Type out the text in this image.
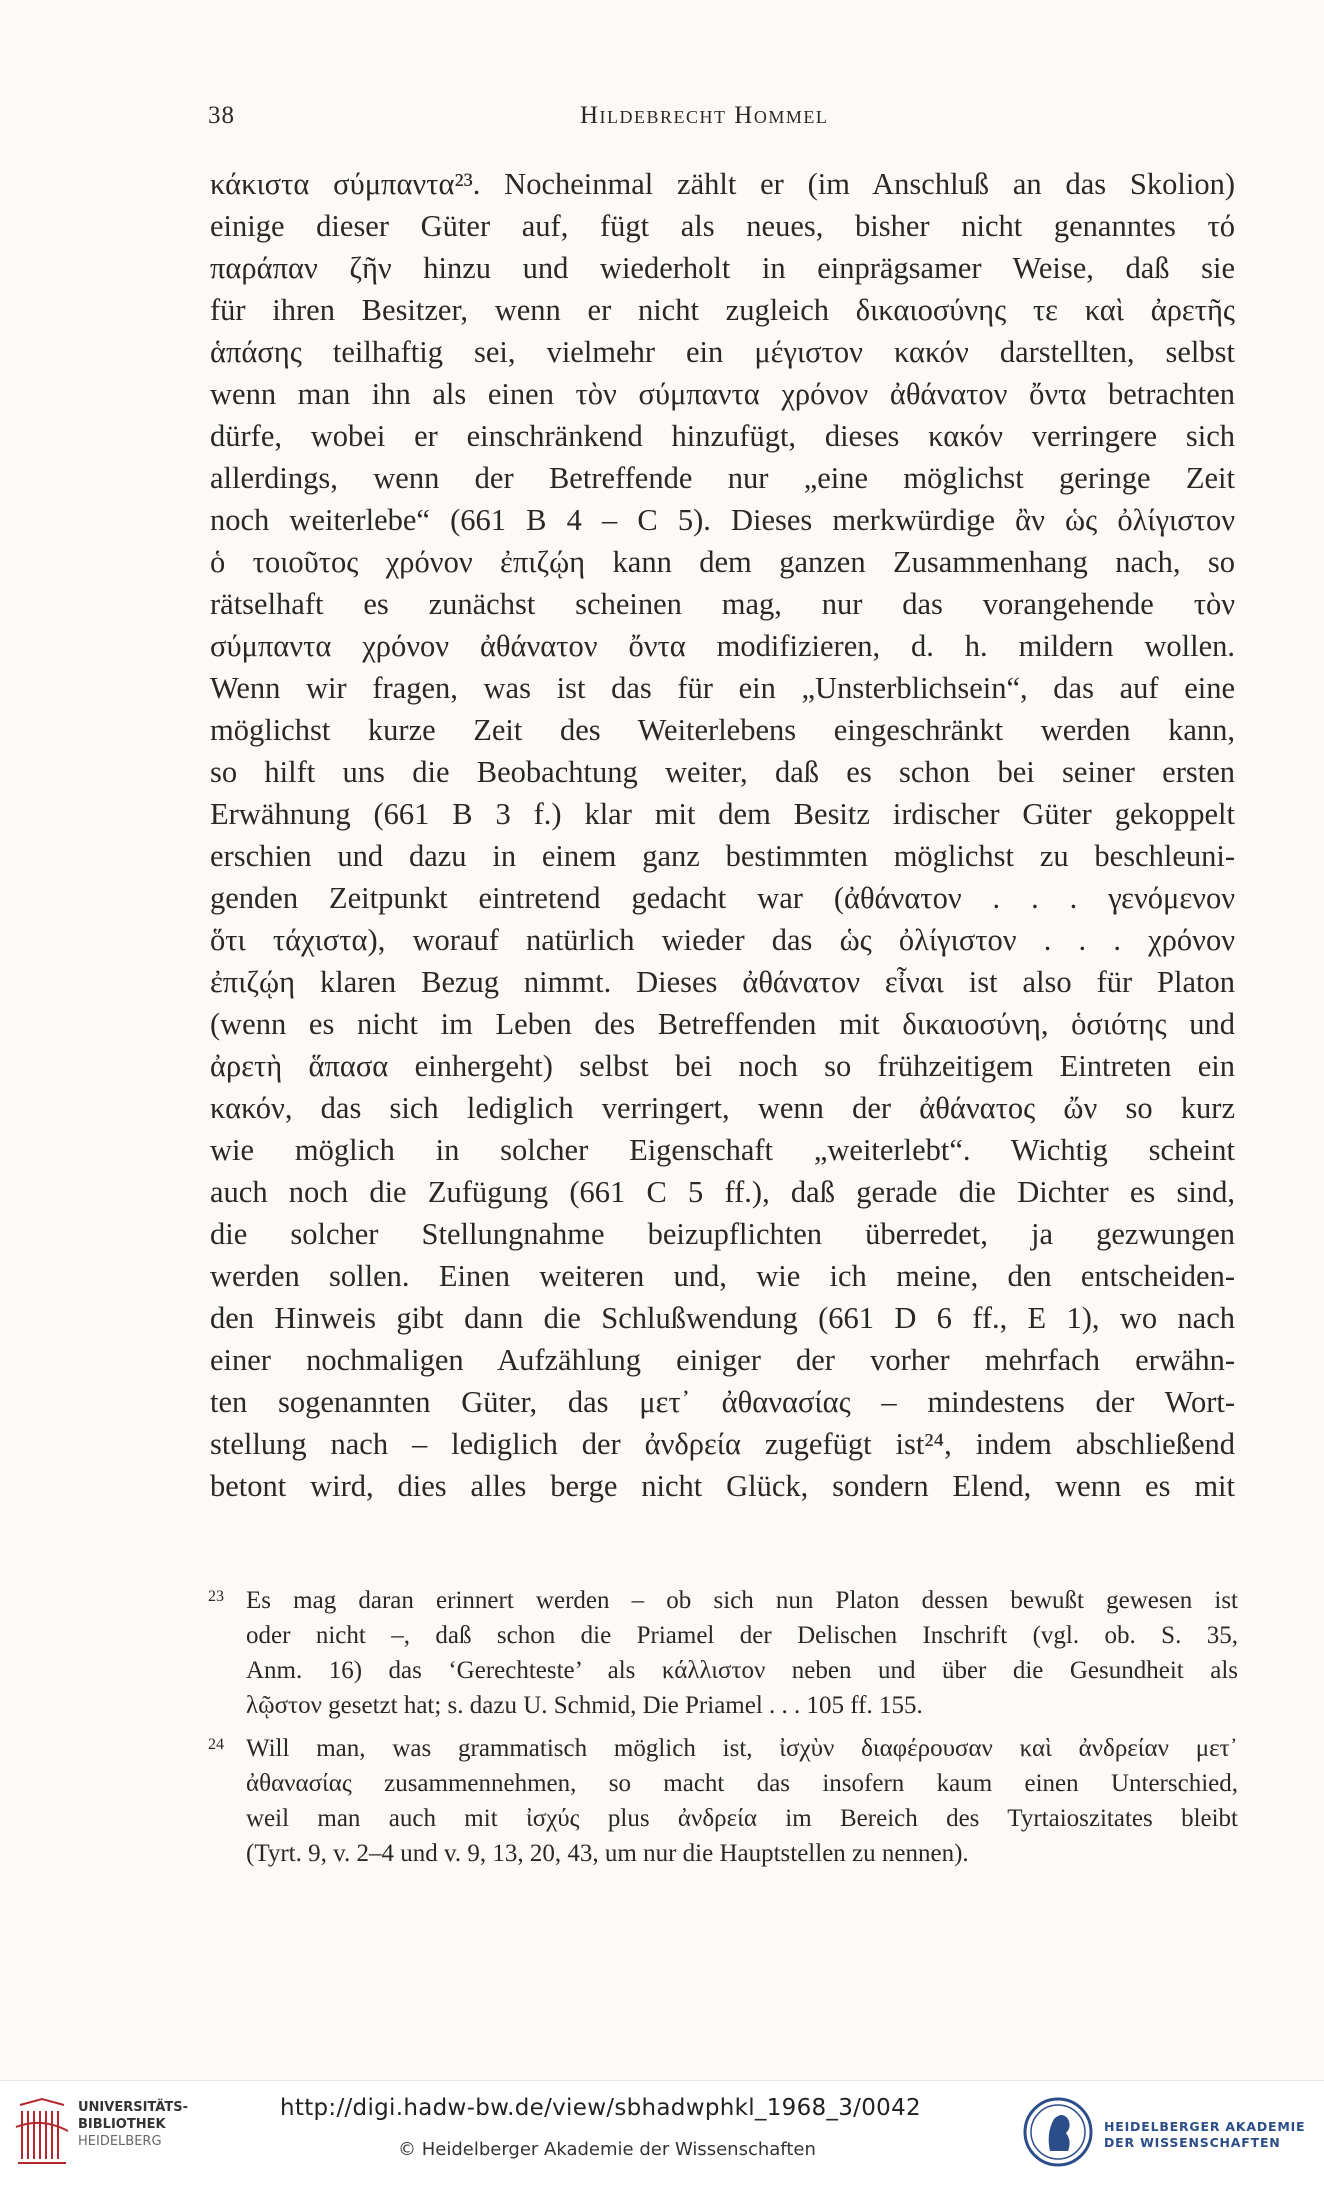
38	Hildebrecht Hommel
κάκιστα σύμπαντα²³. Nocheinmal zählt er (im Anschluß an das Skolion)
einige dieser Güter auf, fügt als neues, bisher nicht genanntes τό
παράπαν ζῆν hinzu und wiederholt in einprägsamer Weise, daß sie
für ihren Besitzer, wenn er nicht zugleich δικαιοσύνης τε καὶ ἀρετῆς
ἁπάσης teilhaftig sei, vielmehr ein μέγιστον κακόν darstellten, selbst
wenn man ihn als einen τὸν σύμπαντα χρόνον ἀθάνατον ὄντα betrachten
dürfe, wobei er einschränkend hinzufügt, dieses κακόν verringere sich
allerdings, wenn der Betreffende nur „eine möglichst geringe Zeit
noch weiterlebe“ (661 B 4 – C 5). Dieses merkwürdige ἂν ὡς ὀλίγιστον
ὁ τοιοῦτος χρόνον ἐπιζῴη kann dem ganzen Zusammenhang nach, so
rätselhaft es zunächst scheinen mag, nur das vorangehende τὸν
σύμπαντα χρόνον ἀθάνατον ὄντα modifizieren, d. h. mildern wollen.
Wenn wir fragen, was ist das für ein „Unsterblichsein“, das auf eine
möglichst kurze Zeit des Weiterlebens eingeschränkt werden kann,
so hilft uns die Beobachtung weiter, daß es schon bei seiner ersten
Erwähnung (661 B 3 f.) klar mit dem Besitz irdischer Güter gekoppelt
erschien und dazu in einem ganz bestimmten möglichst zu beschleuni-
genden Zeitpunkt eintretend gedacht war (ἀθάνατον . . . γενόμενον
ὅτι τάχιστα), worauf natürlich wieder das ὡς ὀλίγιστον . . . χρόνον
ἐπιζῴη klaren Bezug nimmt. Dieses ἀθάνατον εἶναι ist also für Platon
(wenn es nicht im Leben des Betreffenden mit δικαιοσύνη, ὁσιότης und
ἀρετὴ ἅπασα einhergeht) selbst bei noch so frühzeitigem Eintreten ein
κακόν, das sich lediglich verringert, wenn der ἀθάνατος ὤν so kurz
wie möglich in solcher Eigenschaft „weiterlebt“. Wichtig scheint
auch noch die Zufügung (661 C 5 ff.), daß gerade die Dichter es sind,
die solcher Stellungnahme beizupflichten überredet, ja gezwungen
werden sollen. Einen weiteren und, wie ich meine, den entscheiden-
den Hinweis gibt dann die Schlußwendung (661 D 6 ff., E 1), wo nach
einer nochmaligen Aufzählung einiger der vorher mehrfach erwähn-
ten sogenannten Güter, das μετ᾽ ἀθανασίας – mindestens der Wort-
stellung nach – lediglich der ἀνδρεία zugefügt ist²⁴, indem abschließend
betont wird, dies alles berge nicht Glück, sondern Elend, wenn es mit
23 Es mag daran erinnert werden – ob sich nun Platon dessen bewußt gewesen ist
oder nicht –, daß schon die Priamel der Delischen Inschrift (vgl. ob. S. 35,
Anm. 16) das ‘Gerechteste’ als κάλλιστον neben und über die Gesundheit als
λῷστον gesetzt hat; s. dazu U. Schmid, Die Priamel . . . 105 ff. 155.
24 Will man, was grammatisch möglich ist, ἰσχὺν διαφέρουσαν καὶ ἀνδρείαν μετ᾽
ἀθανασίας zusammennehmen, so macht das insofern kaum einen Unterschied,
weil man auch mit ἰσχύς plus ἀνδρεία im Bereich des Tyrtaioszitates bleibt
(Tyrt. 9, v. 2–4 und v. 9, 13, 20, 43, um nur die Hauptstellen zu nennen).
UNIVERSITÄTS-
BIBLIOTHEK
HEIDELBERG
http://digi.hadw-bw.de/view/sbhadwphkl_1968_3/0042
© Heidelberger Akademie der Wissenschaften
HEIDELBERGER AKADEMIE
DER WISSENSCHAFTEN
